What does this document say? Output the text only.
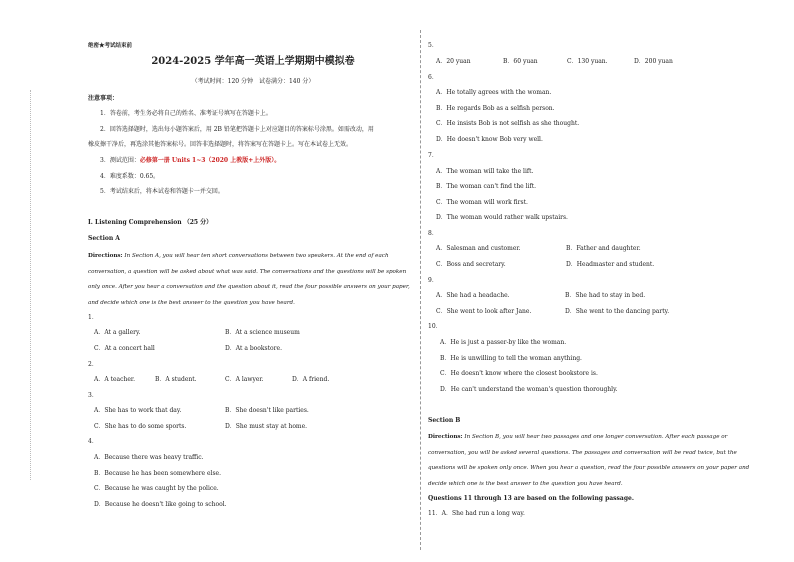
绝密★考试结束前
2024-2025 学年高一英语上学期期中模拟卷
（考试时间：120 分钟　试卷满分：140 分）
注意事项：
1．答卷前，考生务必将自己的姓名、准考证号填写在答题卡上。
2．回答选择题时，选出每小题答案后，用 2B 铅笔把答题卡上对应题目的答案标号涂黑。如需改动，用
橡皮擦干净后，再选涂其他答案标号。回答非选择题时，将答案写在答题卡上。写在本试卷上无效。
3．测试范围：必修第一册 Units 1~3（2020 上教版+上外版）。
4．难度系数：0.65。
5．考试结束后，将本试卷和答题卡一并交回。
I. Listening Comprehension （25 分）
Section A
Directions: In Section A, you will hear ten short conversations between two speakers. At the end of each
conversation, a question will be asked about what was said. The conversations and the questions will be spoken
only once. After you hear a conversation and the question about it, read the four possible answers on your paper,
and decide which one is the best answer to the question you have heard.
1．
A．At a gallery.	B．At a science museum
C．At a concert hall	D．At a bookstore.
2．
A．A teacher.	B．A student.	C．A lawyer.	D．A friend.
3．
A．She has to work that day.	B．She doesn't like parties.
C．She has to do some sports.	D．She must stay at home.
4．
A．Because there was heavy traffic.
B．Because he has been somewhere else.
C．Because he was caught by the police.
D．Because he doesn't like going to school.
5．
A．20 yuan	B．60 yuan	C．130 yuan.	D．200 yuan
6．
A．He totally agrees with the woman.
B．He regards Bob as a selfish person.
C．He insists Bob is not selfish as she thought.
D．He doesn't know Bob very well.
7．
A．The woman will take the lift.
B．The woman can't find the lift.
C．The woman will work first.
D．The woman would rather walk upstairs.
8．
A．Salesman and customer.	B．Father and daughter.
C．Boss and secretary.	D．Headmaster and student.
9．
A．She had a headache.	B．She had to stay in bed.
C．She went to look after Jane.	D．She went to the dancing party.
10．
A．He is just a passer-by like the woman.
B．He is unwilling to tell the woman anything.
C．He doesn't know where the closest bookstore is.
D．He can't understand the woman's question thoroughly.
Section B
Directions: In Section B, you will hear two passages and one longer conversation. After each passage or
conversation, you will be asked several questions. The passages and conversation will be read twice, but the
questions will be spoken only once. When you hear a question, read the four possible answers on your paper and
decide which one is the best answer to the question you have heard.
Questions 11 through 13 are based on the following passage.
11．A．She had run a long way.
